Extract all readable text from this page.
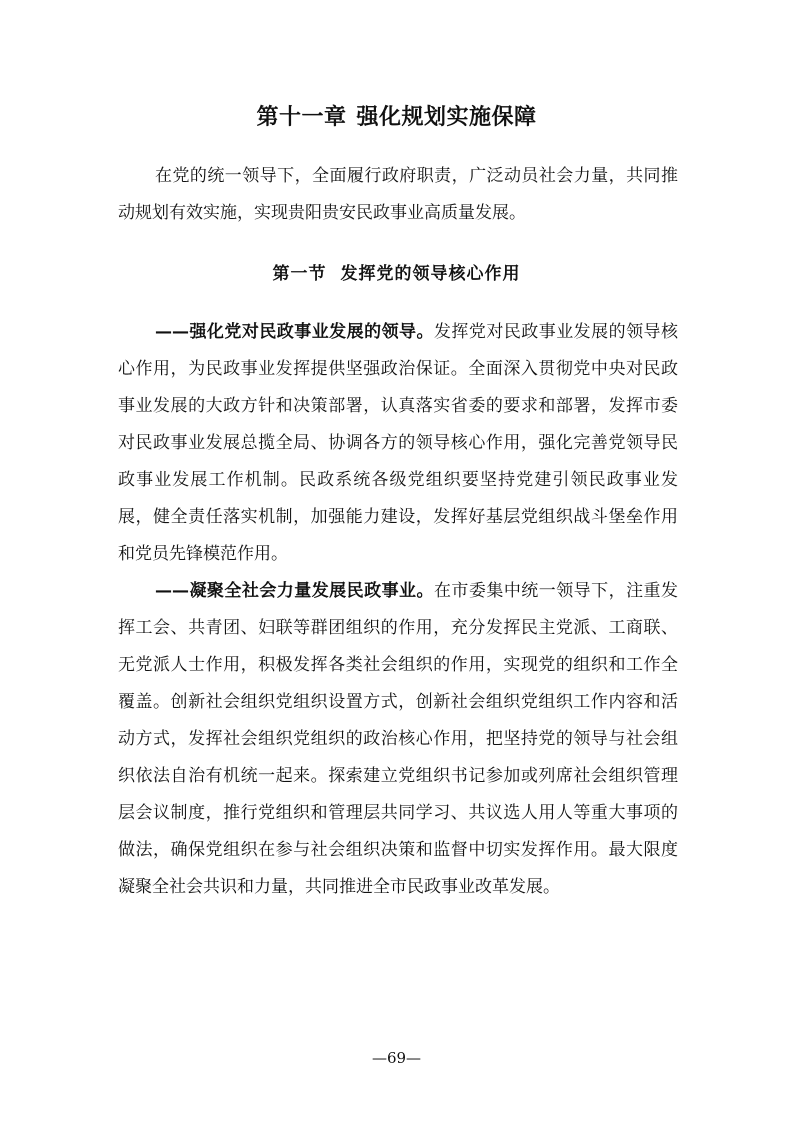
第十一章 强化规划实施保障

在党的统一领导下，全面履行政府职责，广泛动员社会力量，共同推动规划有效实施，实现贵阳贵安民政事业高质量发展。

第一节 发挥党的领导核心作用

——强化党对民政事业发展的领导。发挥党对民政事业发展的领导核心作用，为民政事业发挥提供坚强政治保证。全面深入贯彻党中央对民政事业发展的大政方针和决策部署，认真落实省委的要求和部署，发挥市委对民政事业发展总揽全局、协调各方的领导核心作用，强化完善党领导民政事业发展工作机制。民政系统各级党组织要坚持党建引领民政事业发展，健全责任落实机制，加强能力建设，发挥好基层党组织战斗堡垒作用和党员先锋模范作用。

——凝聚全社会力量发展民政事业。在市委集中统一领导下，注重发挥工会、共青团、妇联等群团组织的作用，充分发挥民主党派、工商联、无党派人士作用，积极发挥各类社会组织的作用，实现党的组织和工作全覆盖。创新社会组织党组织设置方式，创新社会组织党组织工作内容和活动方式，发挥社会组织党组织的政治核心作用，把坚持党的领导与社会组织依法自治有机统一起来。探索建立党组织书记参加或列席社会组织管理层会议制度，推行党组织和管理层共同学习、共议选人用人等重大事项的做法，确保党组织在参与社会组织决策和监督中切实发挥作用。最大限度凝聚全社会共识和力量，共同推进全市民政事业改革发展。

—69—
